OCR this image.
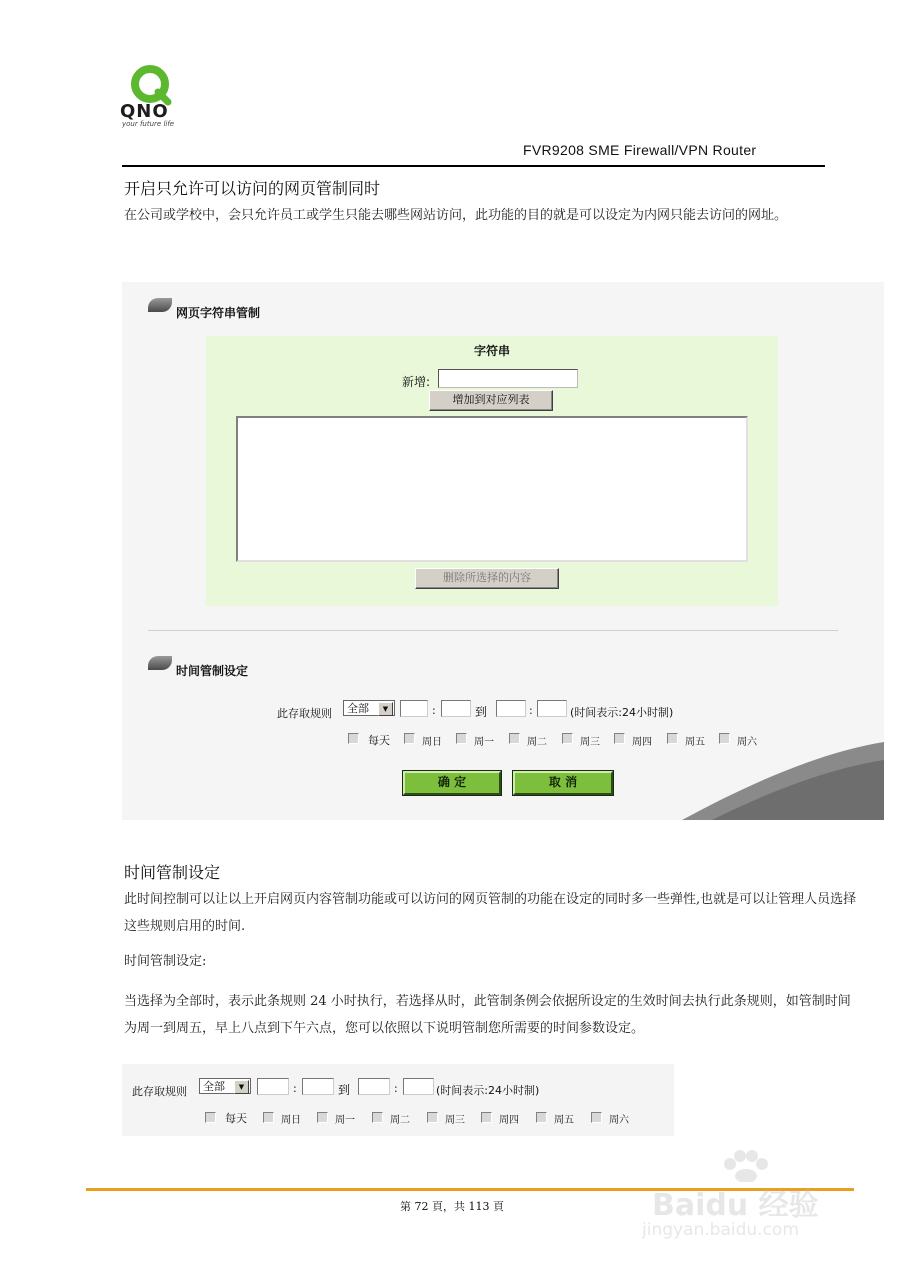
QNO
your future life
FVR9208 SME Firewall/VPN Router
开启只允许可以访问的网页管制同时
在公司或学校中，会只允许员工或学生只能去哪些网站访问，此功能的目的就是可以设定为内网只能去访问的网址。
网页字符串管制
字符串
新增:
增加到对应列表
删除所选择的内容
时间管制设定
此存取规则	全部	▼	:	到	:	(时间表示:24小时制)
每天	周日	周一	周二	周三	周四	周五	周六
确 定	取 消
时间管制设定
此时间控制可以让以上开启网页内容管制功能或可以访问的网页管制的功能在设定的同时多一些弹性,也就是可以让管理人员选择这些规则启用的时间.
时间管制设定:
当选择为全部时，表示此条规则 24 小时执行，若选择从时，此管制条例会依据所设定的生效时间去执行此条规则，如管制时间为周一到周五，早上八点到下午六点，您可以依照以下说明管制您所需要的时间参数设定。
此存取规则	全部	▼	:	到	:	(时间表示:24小时制)
每天	周日	周一	周二	周三	周四	周五	周六
第 72 頁，共 113 頁	Baidu 经验
jingyan.baidu.com
